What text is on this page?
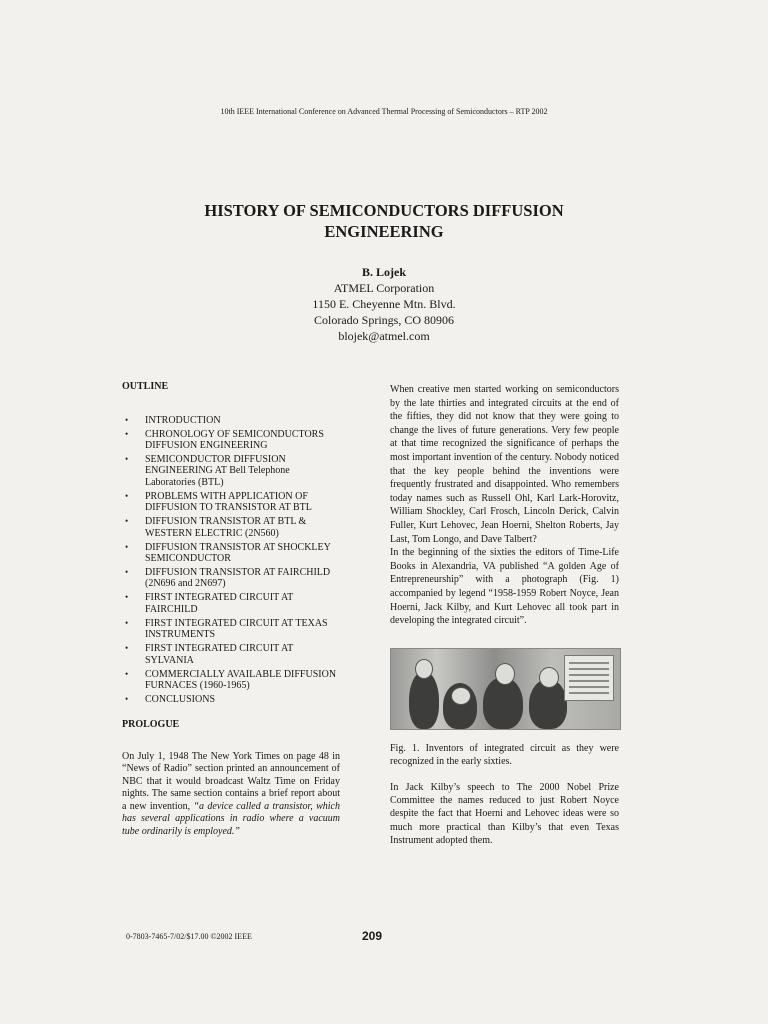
10th IEEE International Conference on Advanced Thermal Processing of Semiconductors – RTP 2002
HISTORY OF SEMICONDUCTORS DIFFUSION
ENGINEERING
B. Lojek
ATMEL Corporation
1150 E. Cheyenne Mtn. Blvd.
Colorado Springs, CO 80906
blojek@atmel.com
OUTLINE
• INTRODUCTION
• CHRONOLOGY OF SEMICONDUCTORS DIFFUSION ENGINEERING
• SEMICONDUCTOR DIFFUSION ENGINEERING AT Bell Telephone Laboratories (BTL)
• PROBLEMS WITH APPLICATION OF DIFFUSION TO TRANSISTOR AT BTL
• DIFFUSION TRANSISTOR AT BTL & WESTERN ELECTRIC (2N560)
• DIFFUSION TRANSISTOR AT SHOCKLEY SEMICONDUCTOR
• DIFFUSION TRANSISTOR AT FAIRCHILD (2N696 and 2N697)
• FIRST INTEGRATED CIRCUIT AT FAIRCHILD
• FIRST INTEGRATED CIRCUIT AT TEXAS INSTRUMENTS
• FIRST INTEGRATED CIRCUIT AT SYLVANIA
• COMMERCIALLY AVAILABLE DIFFUSION FURNACES (1960-1965)
• CONCLUSIONS
PROLOGUE
On July 1, 1948 The New York Times on page 48 in “News of Radio” section printed an announcement of NBC that it would broadcast Waltz Time on Friday nights. The same section contains a brief report about a new invention, “a device called a transistor, which has several applications in radio where a vacuum tube ordinarily is employed.”

When creative men started working on semiconductors by the late thirties and integrated circuits at the end of the fifties, they did not know that they were going to change the lives of future generations. Very few people at that time recognized the significance of perhaps the most important invention of the century. Nobody noticed that the key people behind the inventions were frequently frustrated and disappointed. Who remembers today names such as Russell Ohl, Karl Lark-Horovitz, William Shockley, Carl Frosch, Lincoln Derick, Calvin Fuller, Kurt Lehovec, Jean Hoerni, Shelton Roberts, Jay Last, Tom Longo, and Dave Talbert?

In the beginning of the sixties the editors of Time-Life Books in Alexandria, VA published “A golden Age of Entrepreneurship” with a photograph (Fig. 1) accompanied by legend “1958-1959 Robert Noyce, Jean Hoerni, Jack Kilby, and Kurt Lehovec all took part in developing the integrated circuit”.

Fig. 1. Inventors of integrated circuit as they were recognized in the early sixties.
In Jack Kilby’s speech to The 2000 Nobel Prize Committee the names reduced to just Robert Noyce despite the fact that Hoerni and Lehovec ideas were so much more practical than Kilby’s that even Texas Instrument adopted them.
0-7803-7465-7/02/$17.00 ©2002 IEEE	209
